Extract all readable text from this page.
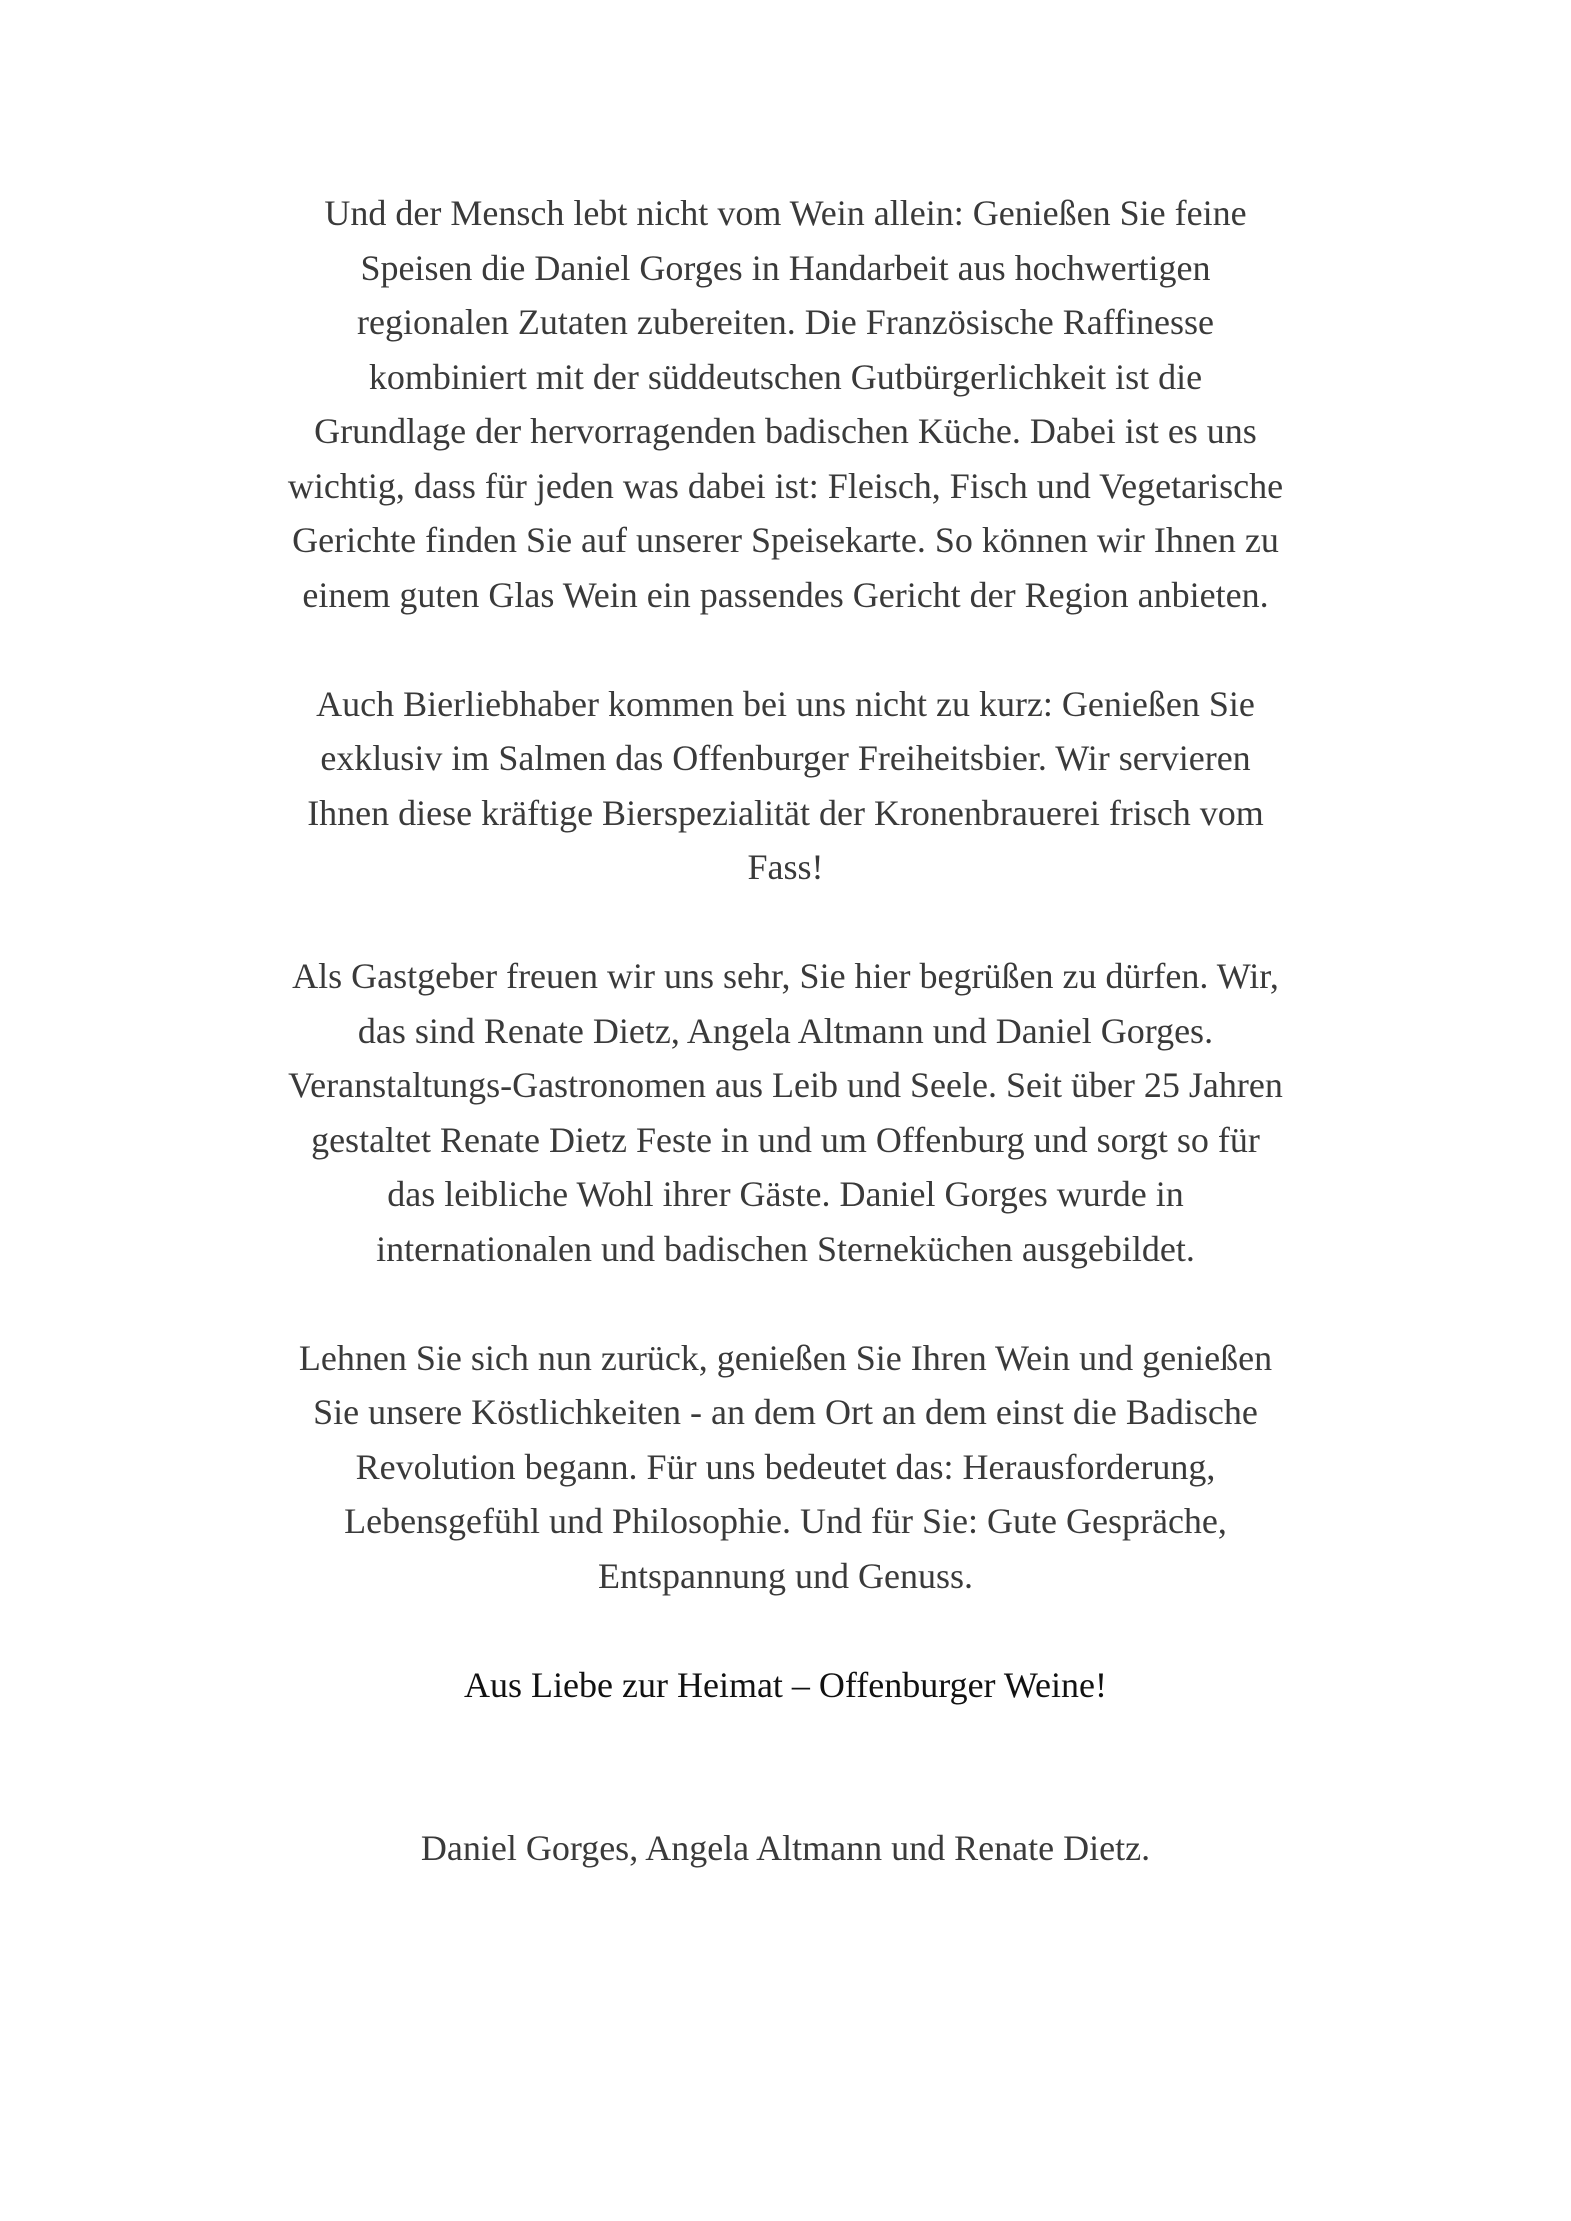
Und der Mensch lebt nicht vom Wein allein: Genießen Sie feine
Speisen die Daniel Gorges in Handarbeit aus hochwertigen
regionalen Zutaten zubereiten. Die Französische Raffinesse
kombiniert mit der süddeutschen Gutbürgerlichkeit ist die
Grundlage der hervorragenden badischen Küche. Dabei ist es uns
wichtig, dass für jeden was dabei ist: Fleisch, Fisch und Vegetarische
Gerichte finden Sie auf unserer Speisekarte. So können wir Ihnen zu
einem guten Glas Wein ein passendes Gericht der Region anbieten.

Auch Bierliebhaber kommen bei uns nicht zu kurz: Genießen Sie
exklusiv im Salmen das Offenburger Freiheitsbier. Wir servieren
Ihnen diese kräftige Bierspezialität der Kronenbrauerei frisch vom
Fass!

Als Gastgeber freuen wir uns sehr, Sie hier begrüßen zu dürfen. Wir,
das sind Renate Dietz, Angela Altmann und Daniel Gorges.
Veranstaltungs-Gastronomen aus Leib und Seele. Seit über 25 Jahren
gestaltet Renate Dietz Feste in und um Offenburg und sorgt so für
das leibliche Wohl ihrer Gäste. Daniel Gorges wurde in
internationalen und badischen Sterneküchen ausgebildet.

Lehnen Sie sich nun zurück, genießen Sie Ihren Wein und genießen
Sie unsere Köstlichkeiten - an dem Ort an dem einst die Badische
Revolution begann. Für uns bedeutet das: Herausforderung,
Lebensgefühl und Philosophie. Und für Sie: Gute Gespräche,
Entspannung und Genuss.

Aus Liebe zur Heimat – Offenburger Weine!

Daniel Gorges, Angela Altmann und Renate Dietz.
